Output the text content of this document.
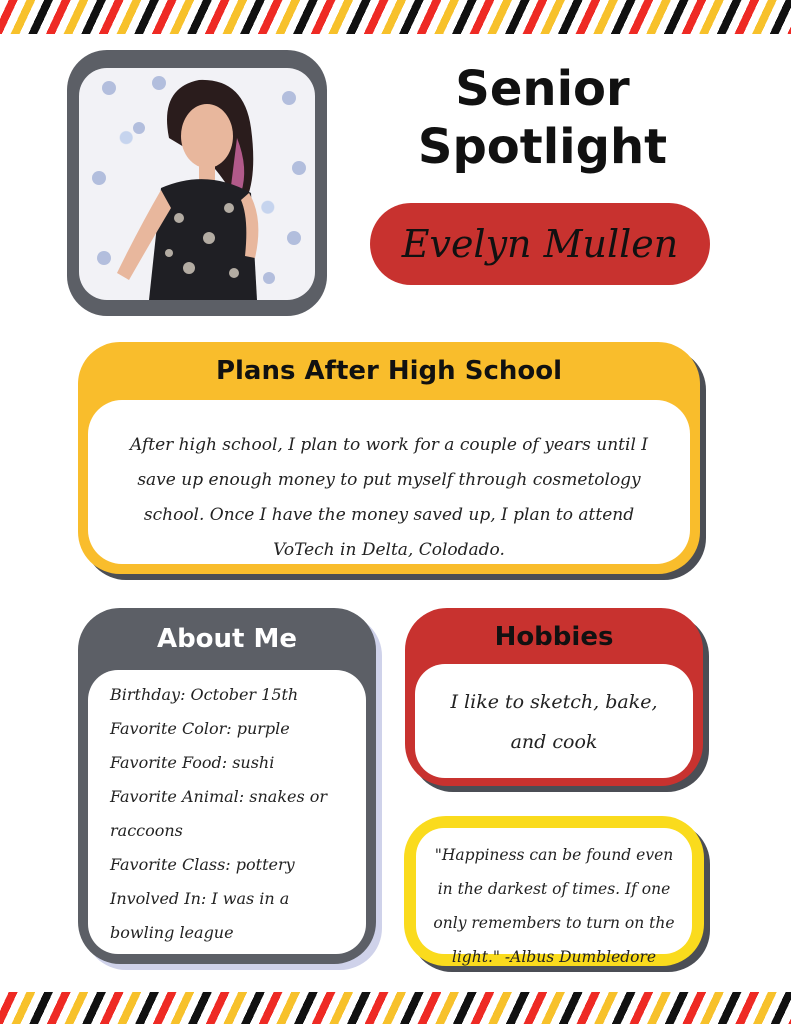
Senior
Spotlight
Evelyn Mullen
Plans After High School
After high school, I plan to work for a couple of years until I save up enough money to put myself through cosmetology school. Once I have the money saved up, I plan to attend VoTech in Delta, Colodado.
About Me
Birthday: October 15th
Favorite Color: purple
Favorite Food: sushi
Favorite Animal: snakes or raccoons
Favorite Class: pottery
Involved In: I was in a bowling league
Hobbies
I like to sketch, bake, and cook
"Happiness can be found even in the darkest of times. If one only remembers to turn on the light." -Albus Dumbledore
